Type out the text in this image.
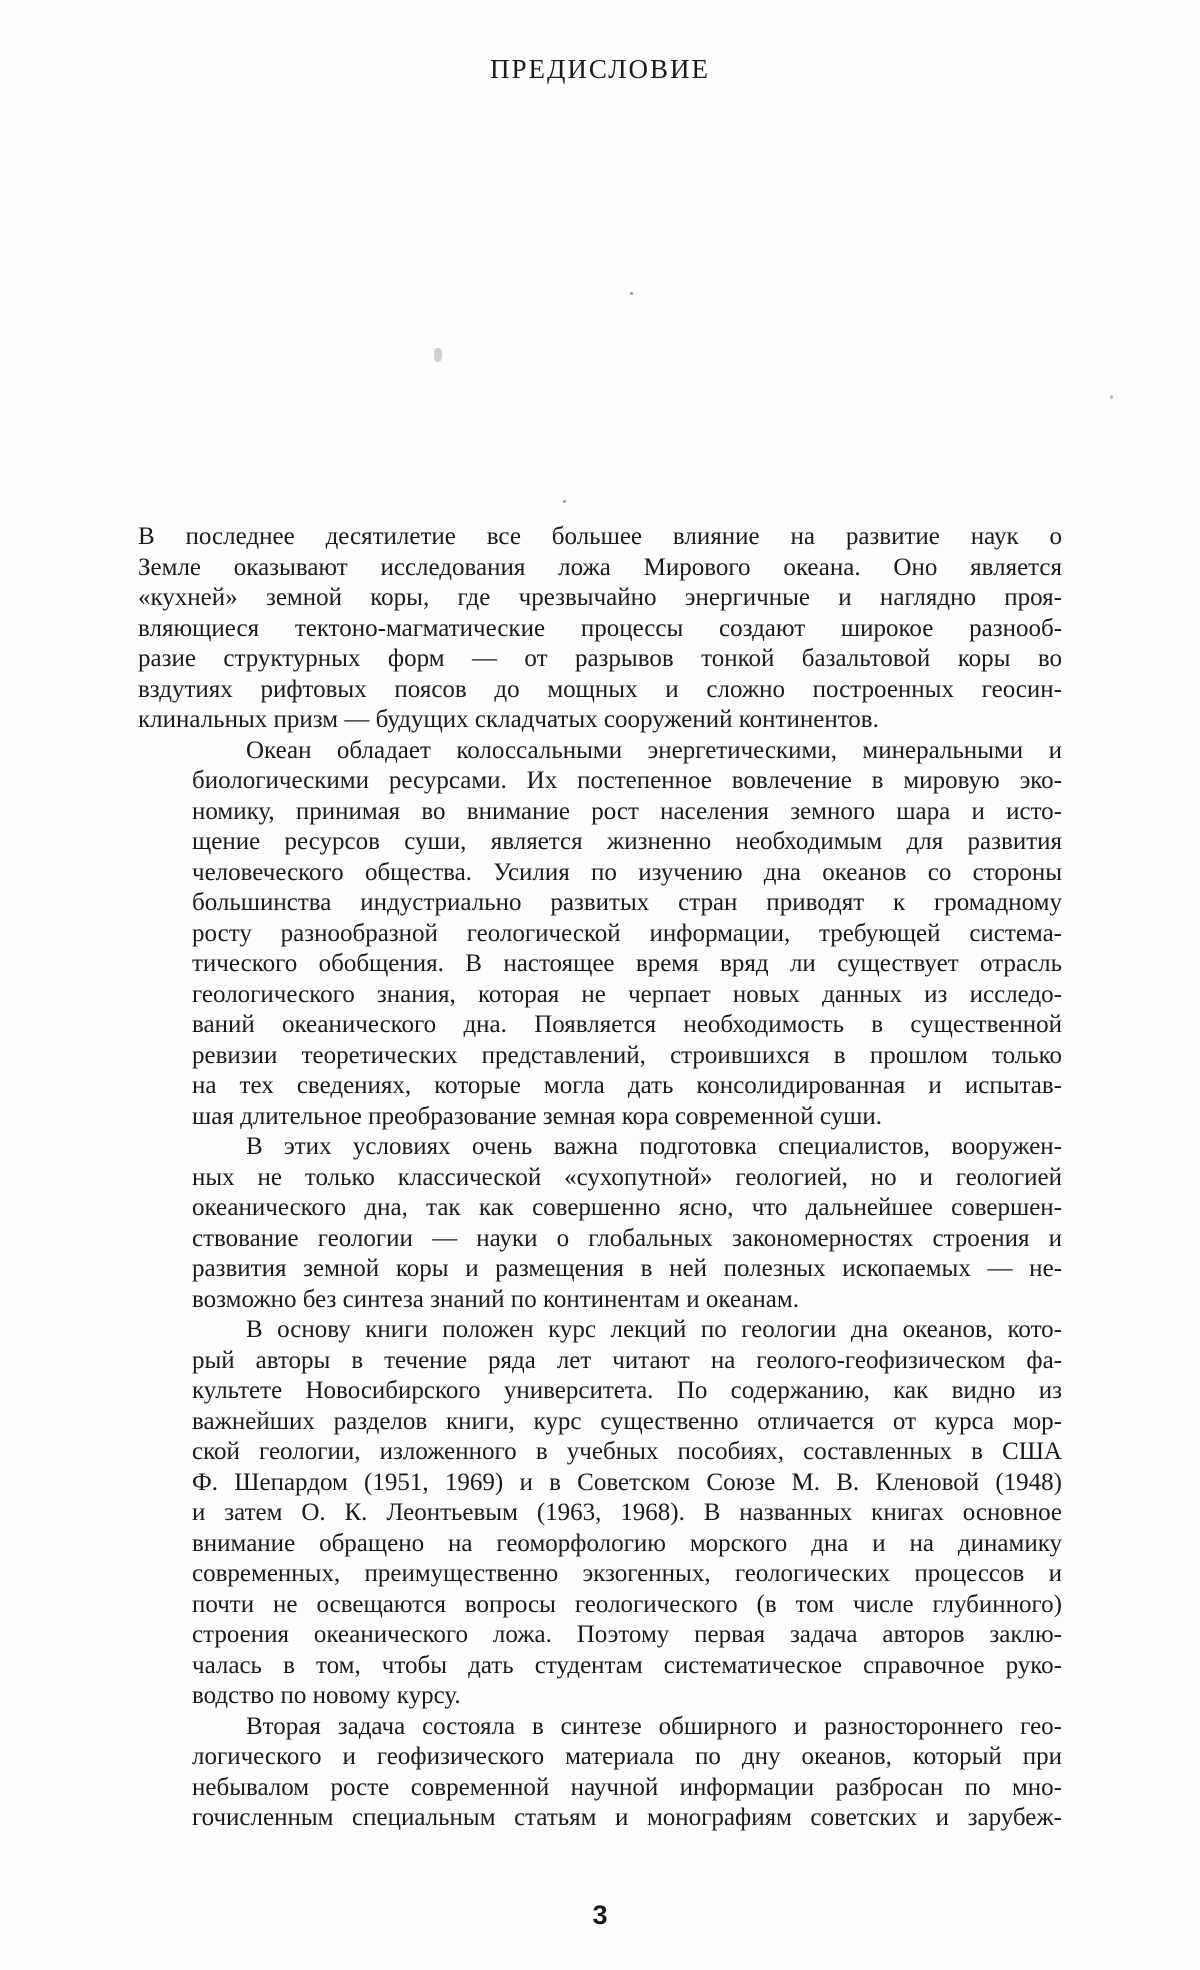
ПРЕДИСЛОВИЕ

В последнее десятилетие все большее влияние на развитие наук о
Земле оказывают исследования ложа Мирового океана. Оно является
«кухней» земной коры, где чрезвычайно энергичные и наглядно проя-
вляющиеся тектоно-магматические процессы создают широкое разнооб-
разие структурных форм — от разрывов тонкой базальтовой коры во
вздутиях рифтовых поясов до мощных и сложно построенных геосин-
клинальных призм — будущих складчатых сооружений континентов.

Океан обладает колоссальными энергетическими, минеральными и
биологическими ресурсами. Их постепенное вовлечение в мировую эко-
номику, принимая во внимание рост населения земного шара и исто-
щение ресурсов суши, является жизненно необходимым для развития
человеческого общества. Усилия по изучению дна океанов со стороны
большинства индустриально развитых стран приводят к громадному
росту разнообразной геологической информации, требующей система-
тического обобщения. В настоящее время вряд ли существует отрасль
геологического знания, которая не черпает новых данных из исследо-
ваний океанического дна. Появляется необходимость в существенной
ревизии теоретических представлений, строившихся в прошлом только
на тех сведениях, которые могла дать консолидированная и испытав-
шая длительное преобразование земная кора современной суши.

В этих условиях очень важна подготовка специалистов, вооружен-
ных не только классической «сухопутной» геологией, но и геологией
океанического дна, так как совершенно ясно, что дальнейшее совершен-
ствование геологии — науки о глобальных закономерностях строения и
развития земной коры и размещения в ней полезных ископаемых — не-
возможно без синтеза знаний по континентам и океанам.

В основу книги положен курс лекций по геологии дна океанов, кото-
рый авторы в течение ряда лет читают на геолого-геофизическом фа-
культете Новосибирского университета. По содержанию, как видно из
важнейших разделов книги, курс существенно отличается от курса мор-
ской геологии, изложенного в учебных пособиях, составленных в США
Ф. Шепардом (1951, 1969) и в Советском Союзе М. В. Кленовой (1948)
и затем О. К. Леонтьевым (1963, 1968). В названных книгах основное
внимание обращено на геоморфологию морского дна и на динамику
современных, преимущественно экзогенных, геологических процессов и
почти не освещаются вопросы геологического (в том числе глубинного)
строения океанического ложа. Поэтому первая задача авторов заклю-
чалась в том, чтобы дать студентам систематическое справочное руко-
водство по новому курсу.

Вторая задача состояла в синтезе обширного и разностороннего гео-
логического и геофизического материала по дну океанов, который при
небывалом росте современной научной информации разбросан по мно-
гочисленным специальным статьям и монографиям советских и зарубеж-

3
